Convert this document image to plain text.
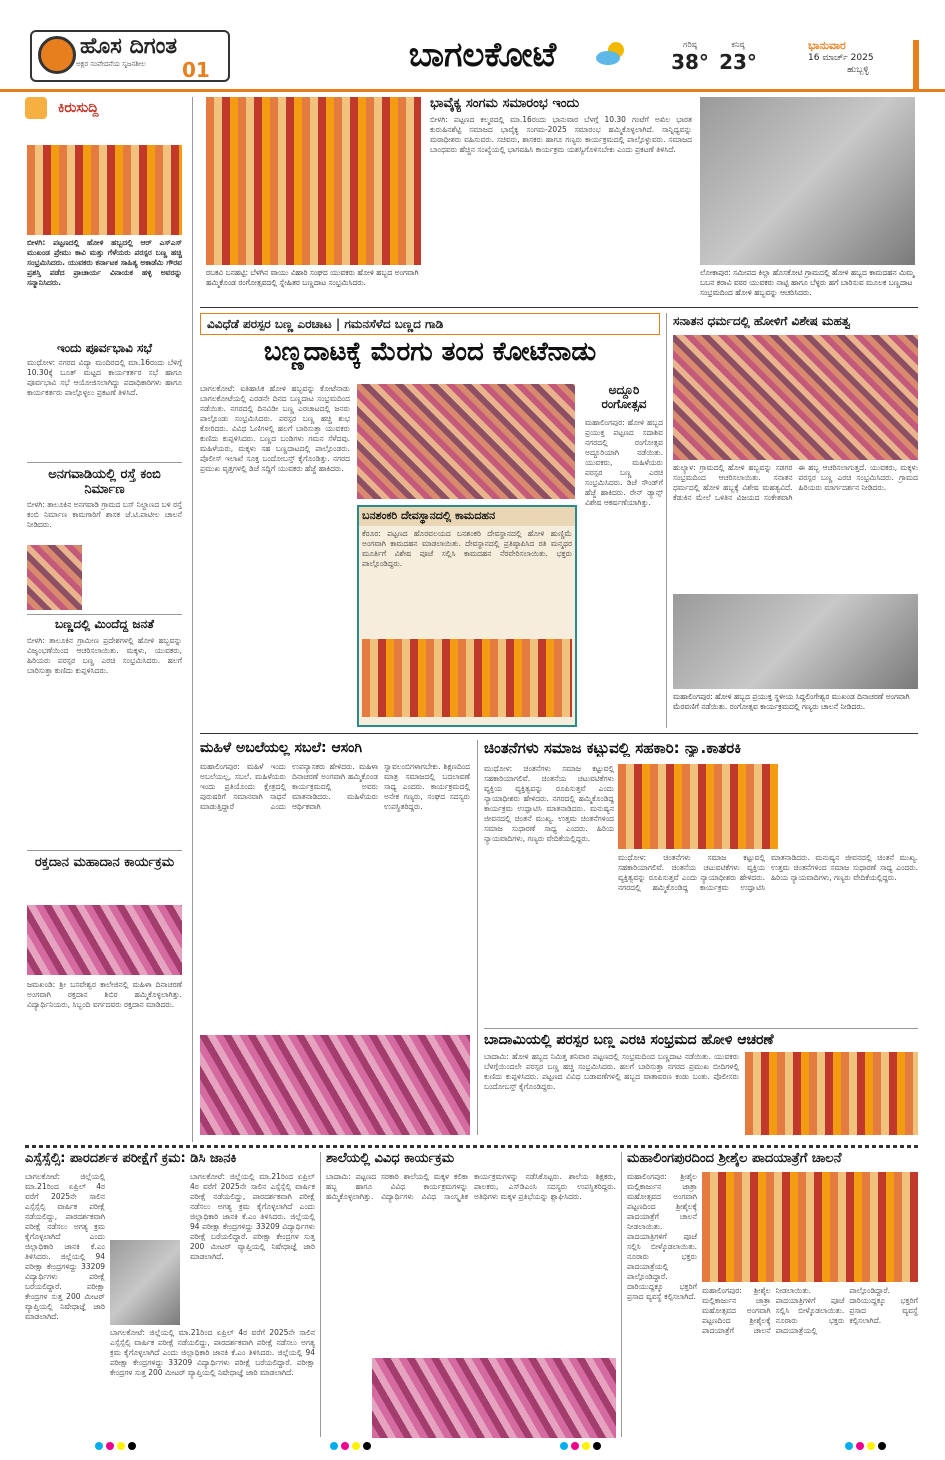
ಹೊಸ ದಿಗಂತ
ಅಕ್ಷರ ಸಂವೇದನೆಯ ಸೃಜನಶೀಲ 01	ಬಾಗಲಕೋಟೆ	ಗರಿಷ್ಠ
38°
ಕನಿಷ್ಠ
23°
ಭಾನುವಾರ
16 ಮಾರ್ಚ್ 2025
ಹುಬ್ಬಳ್ಳಿ
ಕಿರುಸುದ್ದಿ
ಬೀಳಗಿ: ಪಟ್ಟಣದಲ್ಲಿ ಹೋಳಿ ಹಬ್ಬದಲ್ಲಿ ಆರ್ ಎಸ್‌ಎಸ್ ಮುಖಂಡ ಪ್ರೇಮು ಕಾವಿ ಮತ್ತು ಗೆಳೆಯರು ಪರಸ್ಪರ ಬಣ್ಣ ಹಚ್ಚಿ ಸಂಭ್ರಮಿಸಿದರು. ಯುವಕರು ಕರ್ನಾಟಕ ಸಾಹಿತ್ಯ ಅಕಾಡೆಮಿ ಗೌರವ ಪ್ರಶಸ್ತಿ ಪಡೆದ ಪ್ರಾಚಾರ್ಯ ವಿನಾಯಕ ಹಳ್ಳಿ ಅವರನ್ನು ಸನ್ಮಾನಿಸಿದರು.
ಇಂದು ಪೂರ್ವಭಾವಿ ಸಭೆ
ಮುಧೋಳ: ನಗರದ ವಿದ್ಯಾ ಮಂದಿರದಲ್ಲಿ ಮಾ.16ರಂದು ಬೆಳಿಗ್ಗೆ 10.30ಕ್ಕೆ ಬೂತ್ ಮಟ್ಟದ ಕಾರ್ಯಕರ್ತರ ಸಭೆ ಹಾಗೂ ಪೂರ್ವಭಾವಿ ಸಭೆ ಆಯೋಜಿಸಲಾಗಿದ್ದು ಪದಾಧಿಕಾರಿಗಳು ಹಾಗೂ ಕಾರ್ಯಕರ್ತರು ಪಾಲ್ಗೊಳ್ಳಲು ಪ್ರಕಟಣೆ ತಿಳಿಸಿದೆ.
ಅನಗವಾಡಿಯಲ್ಲಿ ರಸ್ತೆ ಕಂಬಿ ನಿರ್ಮಾಣ
ಬೀಳಗಿ: ತಾಲೂಕಿನ ಅನಗವಾಡಿ ಗ್ರಾಮದ ಬಸ್ ನಿಲ್ದಾಣದ ಬಳಿ ರಸ್ತೆ ಕಂಬಿ ನಿರ್ಮಾಣ ಕಾಮಗಾರಿಗೆ ಶಾಸಕ ಜೆ.ಟಿ.ಪಾಟೀಲ ಚಾಲನೆ ನೀಡಿದರು.
ಬಣ್ಣದಲ್ಲಿ ಮಿಂದೆದ್ದ ಜನತೆ
ಬೀಳಗಿ: ತಾಲೂಕಿನ ಗ್ರಾಮೀಣ ಪ್ರದೇಶಗಳಲ್ಲಿ ಹೋಳಿ ಹಬ್ಬವನ್ನು ವಿಜೃಂಭಣೆಯಿಂದ ಆಚರಿಸಲಾಯಿತು. ಮಕ್ಕಳು, ಯುವಕರು, ಹಿರಿಯರು ಪರಸ್ಪರ ಬಣ್ಣ ಎರಚಿ ಸಂಭ್ರಮಿಸಿದರು. ಹಲಗೆ ಬಾರಿಸುತ್ತಾ ಕುಣಿದು ಕುಪ್ಪಳಿಸಿದರು.
ರಕ್ತದಾನ ಮಹಾದಾನ ಕಾರ್ಯಕ್ರಮ
ಜಮಖಂಡಿ: ಶ್ರೀ ಬಸವೇಶ್ವರ ಕಾಲೇಜಿನಲ್ಲಿ ಮಹಿಳಾ ದಿನಾಚರಣೆ ಅಂಗವಾಗಿ ರಕ್ತದಾನ ಶಿಬಿರ ಹಮ್ಮಿಕೊಳ್ಳಲಾಗಿತ್ತು. ವಿದ್ಯಾರ್ಥಿನಿಯರು, ಸಿಬ್ಬಂದಿ ವರ್ಗದವರು ರಕ್ತದಾನ ಮಾಡಿದರು.
ರಬಕವಿ ಬನಹಟ್ಟಿ: ಬೆಳಗಿನ ವಾಯು ವಿಹಾರಿ ಸಂಘದ ಯುವಕರು ಹೋಳಿ ಹಬ್ಬದ ಅಂಗವಾಗಿ ಹಮ್ಮಿಕೊಂಡ ರಂಗೋತ್ಸವದಲ್ಲಿ ಸ್ನೇಹಿತರ ಬಣ್ಣದಾಟ ಸಂಭ್ರಮಿಸಿದರು.
ಭಾವೈಕ್ಯ ಸಂಗಮ ಸಮಾರಂಭ ಇಂದು
ಬೀಳಗಿ: ಪಟ್ಟಣದ ಕಲ್ಮಠದಲ್ಲಿ ಮಾ.16ರಂದು ಭಾನುವಾರ ಬೆಳಗ್ಗೆ 10.30 ಗಂಟೆಗೆ ಅಖಿಲ ಭಾರತ ಕುರುಹಿನಶೆಟ್ಟಿ ಸಮಾಜದ ಭಾವೈಕ್ಯ ಸಂಗಮ-2025 ಸಮಾರಂಭ ಹಮ್ಮಿಕೊಳ್ಳಲಾಗಿದೆ. ಸಾನ್ನಿಧ್ಯವನ್ನು ಮಠಾಧೀಶರು ವಹಿಸುವರು. ಸಚಿವರು, ಶಾಸಕರು ಹಾಗೂ ಗಣ್ಯರು ಕಾರ್ಯಕ್ರಮದಲ್ಲಿ ಪಾಲ್ಗೊಳ್ಳುವರು. ಸಮಾಜದ ಬಾಂಧವರು ಹೆಚ್ಚಿನ ಸಂಖ್ಯೆಯಲ್ಲಿ ಭಾಗವಹಿಸಿ ಕಾರ್ಯಕ್ರಮ ಯಶಸ್ವಿಗೊಳಿಸಬೇಕು ಎಂದು ಪ್ರಕಟಣೆ ತಿಳಿಸಿದೆ.
ಲೋಕಾಪುರ: ಸಮೀಪದ ಕಿಲ್ಲಾ ಹೊಸಕೋಟಿ ಗ್ರಾಮದಲ್ಲಿ ಹೋಳಿ ಹಬ್ಬದ ಕಾಮದಹನ ಮಿಮ್ಮ ಬಬನ ಕರಾವಿ ವಠರ ಯುವಕರು ನಾಟ್ಟಿ ಹಾಗೂ ಬೆಳ್ಳರು ಹಗೆ ಬಾರಿಸುವ ಮೂಲಕ ಬಣ್ಣದಾಟ ಸಂಭ್ರಮದಿಂದ ಹೋಳಿ ಹಬ್ಬವನ್ನು ಆಚರಿಸಿದರು.
ವಿವಿಧೆಡೆ ಪರಸ್ಪರ ಬಣ್ಣ ಎರಚಾಟ | ಗಮನಸೆಳೆದ ಬಣ್ಣದ ಗಾಡಿ
ಬಣ್ಣದಾಟಕ್ಕೆ ಮೆರಗು ತಂದ ಕೋಟೆನಾಡು
ಬಾಗಲಕೋಟೆ: ಐತಿಹಾಸಿಕ ಹೋಳಿ ಹಬ್ಬವನ್ನು ಕೋಟೆನಾಡು ಬಾಗಲಕೋಟೆಯಲ್ಲಿ ಎರಡನೇ ದಿನದ ಬಣ್ಣದಾಟ ಸಂಭ್ರಮದಿಂದ ನಡೆಯಿತು. ನಗರದಲ್ಲಿ ದಿನವಿಡೀ ಬಣ್ಣ ಎರಚಾಟದಲ್ಲಿ ಜನರು ಪಾಲ್ಗೊಂಡು ಸಂಭ್ರಮಿಸಿದರು. ಪರಸ್ಪರ ಬಣ್ಣ ಹಚ್ಚಿ ಶುಭ ಕೋರಿದರು. ವಿವಿಧ ಓಣಿಗಳಲ್ಲಿ ಹಲಗೆ ಬಾರಿಸುತ್ತಾ ಯುವಕರು ಕುಣಿದು ಕುಪ್ಪಳಿಸಿದರು. ಬಣ್ಣದ ಬಂಡಿಗಳು ಗಮನ ಸೆಳೆದವು. ಮಹಿಳೆಯರು, ಮಕ್ಕಳು ಸಹ ಬಣ್ಣದಾಟದಲ್ಲಿ ಪಾಲ್ಗೊಂಡರು. ಪೊಲೀಸ್ ಇಲಾಖೆ ಸೂಕ್ತ ಬಂದೋಬಸ್ತ್ ಕೈಗೊಂಡಿತ್ತು. ನಗರದ ಪ್ರಮುಖ ವೃತ್ತಗಳಲ್ಲಿ ಡಿಜೆ ಸದ್ದಿಗೆ ಯುವಕರು ಹೆಜ್ಜೆ ಹಾಕಿದರು.
ಅದ್ದೂರಿ ರಂಗೋತ್ಸವ
ಮಹಾಲಿಂಗಪುರ: ಹೋಳಿ ಹಬ್ಬದ ಪ್ರಯುಕ್ತ ಪಟ್ಟಣದ ಸದಾಶಿವ ನಗರದಲ್ಲಿ ರಂಗೋತ್ಸವ ಅದ್ದೂರಿಯಾಗಿ ನಡೆಯಿತು. ಯುವಕರು, ಮಹಿಳೆಯರು ಪರಸ್ಪರ ಬಣ್ಣ ಎರಚಿ ಸಂಭ್ರಮಿಸಿದರು. ಡಿಜೆ ಸೌಂಡ್‌ಗೆ ಹೆಜ್ಜೆ ಹಾಕಿದರು. ರೇನ್ ಡ್ಯಾನ್ಸ್ ವಿಶೇಷ ಆಕರ್ಷಣೆಯಾಗಿತ್ತು.
ಬನಶಂಕರಿ ದೇವಸ್ಥಾನದಲ್ಲಿ ಕಾಮದಹನ
ಕೆರೂರ: ಪಟ್ಟಣದ ಹೊರವಲಯದ ಬನಶಂಕರಿ ದೇವಸ್ಥಾನದಲ್ಲಿ ಹೋಳಿ ಹುಣ್ಣಿಮೆ ಅಂಗವಾಗಿ ಕಾಮದಹನ ಮಾಡಲಾಯಿತು. ದೇವಸ್ಥಾನದಲ್ಲಿ ಪ್ರತಿಷ್ಠಾಪಿಸಿದ ರತಿ ಮನ್ಮಥರ ಮೂರ್ತಿಗೆ ವಿಶೇಷ ಪೂಜೆ ಸಲ್ಲಿಸಿ ಕಾಮದಹನ ನೆರವೇರಿಸಲಾಯಿತು. ಭಕ್ತರು ಪಾಲ್ಗೊಂಡಿದ್ದರು.
ಸನಾತನ ಧರ್ಮದಲ್ಲಿ ಹೋಳಿಗೆ ವಿಶೇಷ ಮಹತ್ವ
ಹುಲ್ಯಾಳ: ಗ್ರಾಮದಲ್ಲಿ ಹೋಳಿ ಹಬ್ಬವನ್ನು ಸಡಗರ ಸಂಭ್ರಮದಿಂದ ಆಚರಿಸಲಾಯಿತು. ಸನಾತನ ಧರ್ಮದಲ್ಲಿ ಹೋಳಿ ಹಬ್ಬಕ್ಕೆ ವಿಶೇಷ ಮಹತ್ವವಿದೆ. ಕೆಡುಕಿನ ಮೇಲೆ ಒಳಿತಿನ ವಿಜಯದ ಸಂಕೇತವಾಗಿ ಈ ಹಬ್ಬ ಆಚರಿಸಲಾಗುತ್ತದೆ. ಯುವಕರು, ಮಕ್ಕಳು ಪರಸ್ಪರ ಬಣ್ಣ ಎರಚಿ ಸಂಭ್ರಮಿಸಿದರು. ಗ್ರಾಮದ ಹಿರಿಯರು ಮಾರ್ಗದರ್ಶನ ನೀಡಿದರು.
ಮಹಾಲಿಂಗಪುರ: ಹೋಳಿ ಹಬ್ಬದ ಪ್ರಯುಕ್ತ ಸ್ಥಳೀಯ ಸಿದ್ದಲಿಂಗೇಶ್ವರ ಮುಖಂಡ ದಿನಾಚರಣೆ ಅಂಗವಾಗಿ ಮೆರವಣಿಗೆ ನಡೆಯಿತು. ರಂಗೋತ್ಸವ ಕಾರ್ಯಕ್ರಮದಲ್ಲಿ ಗಣ್ಯರು ಚಾಲನೆ ನೀಡಿದರು.
ಮಹಿಳೆ ಅಬಲೆಯಲ್ಲ ಸಬಲೆ: ಆಸಂಗಿ
ಮಹಾಲಿಂಗಪುರ: ಮಹಿಳೆ ಇಂದು ಅಬಲೆಯಲ್ಲ, ಸಬಲೆ. ಮಹಿಳೆಯರು ಇಂದು ಪ್ರತಿಯೊಂದು ಕ್ಷೇತ್ರದಲ್ಲಿ ಪುರುಷರಿಗೆ ಸಮಾನವಾಗಿ ಸಾಧನೆ ಮಾಡುತ್ತಿದ್ದಾರೆ ಎಂದು ಉಪನ್ಯಾಸಕರು ಹೇಳಿದರು. ಮಹಿಳಾ ದಿನಾಚರಣೆ ಅಂಗವಾಗಿ ಹಮ್ಮಿಕೊಂಡ ಕಾರ್ಯಕ್ರಮದಲ್ಲಿ ಅವರು ಮಾತನಾಡಿದರು. ಮಹಿಳೆಯರು ಆರ್ಥಿಕವಾಗಿ ಸ್ವಾವಲಂಬಿಗಳಾಗಬೇಕು. ಶಿಕ್ಷಣದಿಂದ ಮಾತ್ರ ಸಮಾಜದಲ್ಲಿ ಬದಲಾವಣೆ ಸಾಧ್ಯ ಎಂದರು. ಕಾರ್ಯಕ್ರಮದಲ್ಲಿ ಅನೇಕ ಗಣ್ಯರು, ಸಂಘದ ಸದಸ್ಯರು ಉಪಸ್ಥಿತರಿದ್ದರು.
ಚಿಂತನೆಗಳು ಸಮಾಜ ಕಟ್ಟುವಲ್ಲಿ ಸಹಕಾರಿ: ನ್ಯಾ.ಕಾತರಕಿ
ಮುಧೋಳ: ಚಿಂತನೆಗಳು ಸಮಾಜ ಕಟ್ಟುವಲ್ಲಿ ಸಹಕಾರಿಯಾಗಲಿವೆ. ಚಿಂತನೆಯ ಚಟುವಟಿಕೆಗಳು ವ್ಯಕ್ತಿಯ ವ್ಯಕ್ತಿತ್ವವನ್ನು ರೂಪಿಸುತ್ತವೆ ಎಂದು ನ್ಯಾಯಾಧೀಶರು ಹೇಳಿದರು. ನಗರದಲ್ಲಿ ಹಮ್ಮಿಕೊಂಡಿದ್ದ ಕಾರ್ಯಕ್ರಮ ಉದ್ಘಾಟಿಸಿ ಮಾತನಾಡಿದರು. ಮನುಷ್ಯನ ಜೀವನದಲ್ಲಿ ಚಿಂತನೆ ಮುಖ್ಯ. ಉತ್ತಮ ಚಿಂತನೆಗಳಿಂದ ಸಮಾಜ ಸುಧಾರಣೆ ಸಾಧ್ಯ ಎಂದರು. ಹಿರಿಯ ನ್ಯಾಯವಾದಿಗಳು, ಗಣ್ಯರು ವೇದಿಕೆಯಲ್ಲಿದ್ದರು.
ಮುಧೋಳ: ಚಿಂತನೆಗಳು ಸಮಾಜ ಕಟ್ಟುವಲ್ಲಿ ಸಹಕಾರಿಯಾಗಲಿವೆ. ಚಿಂತನೆಯ ಚಟುವಟಿಕೆಗಳು ವ್ಯಕ್ತಿಯ ವ್ಯಕ್ತಿತ್ವವನ್ನು ರೂಪಿಸುತ್ತವೆ ಎಂದು ನ್ಯಾಯಾಧೀಶರು ಹೇಳಿದರು. ನಗರದಲ್ಲಿ ಹಮ್ಮಿಕೊಂಡಿದ್ದ ಕಾರ್ಯಕ್ರಮ ಉದ್ಘಾಟಿಸಿ ಮಾತನಾಡಿದರು. ಮನುಷ್ಯನ ಜೀವನದಲ್ಲಿ ಚಿಂತನೆ ಮುಖ್ಯ. ಉತ್ತಮ ಚಿಂತನೆಗಳಿಂದ ಸಮಾಜ ಸುಧಾರಣೆ ಸಾಧ್ಯ ಎಂದರು. ಹಿರಿಯ ನ್ಯಾಯವಾದಿಗಳು, ಗಣ್ಯರು ವೇದಿಕೆಯಲ್ಲಿದ್ದರು.
ಬಾದಾಮಿಯಲ್ಲಿ ಪರಸ್ಪರ ಬಣ್ಣ ಎರಚಿ ಸಂಭ್ರಮದ ಹೋಳಿ ಆಚರಣೆ
ಬಾದಾಮಿ: ಹೋಳಿ ಹಬ್ಬದ ನಿಮಿತ್ತ ಶನಿವಾರ ಪಟ್ಟಣದಲ್ಲಿ ಸಂಭ್ರಮದಿಂದ ಬಣ್ಣದಾಟ ನಡೆಯಿತು. ಯುವಕರು ಬೆಳಗ್ಗೆಯಿಂದಲೇ ಪರಸ್ಪರ ಬಣ್ಣ ಹಚ್ಚಿ ಸಂಭ್ರಮಿಸಿದರು. ಹಲಗೆ ಬಾರಿಸುತ್ತಾ ನಗರದ ಪ್ರಮುಖ ಬೀದಿಗಳಲ್ಲಿ ಕುಣಿದು ಕುಪ್ಪಳಿಸಿದರು. ಪಟ್ಟಣದ ವಿವಿಧ ಬಡಾವಣೆಗಳಲ್ಲಿ ಹಬ್ಬದ ವಾತಾವರಣ ಕಂಡು ಬಂತು. ಪೊಲೀಸರು ಬಂದೋಬಸ್ತ್ ಕೈಗೊಂಡಿದ್ದರು.
ಎಸ್ಸೆಸ್ಸೆಲ್ಸಿ: ಪಾರದರ್ಶಕ ಪರೀಕ್ಷೆಗೆ ಕ್ರಮ: ಡಿಸಿ ಜಾನಕಿ
ಬಾಗಲಕೋಟೆ: ಜಿಲ್ಲೆಯಲ್ಲಿ ಮಾ.21ರಿಂದ ಏಪ್ರಿಲ್ 4ರ ವರೆಗೆ 2025ನೇ ಸಾಲಿನ ಎಸ್ಸೆಸ್ಸೆಲ್ಸಿ ವಾರ್ಷಿಕ ಪರೀಕ್ಷೆ ನಡೆಯಲಿದ್ದು, ಪಾರದರ್ಶಕವಾಗಿ ಪರೀಕ್ಷೆ ನಡೆಸಲು ಅಗತ್ಯ ಕ್ರಮ ಕೈಗೊಳ್ಳಲಾಗಿದೆ ಎಂದು ಜಿಲ್ಲಾಧಿಕಾರಿ ಜಾನಕಿ ಕೆ.ಎಂ ತಿಳಿಸಿದರು. ಜಿಲ್ಲೆಯಲ್ಲಿ 94 ಪರೀಕ್ಷಾ ಕೇಂದ್ರಗಳಿದ್ದು 33209 ವಿದ್ಯಾರ್ಥಿಗಳು ಪರೀಕ್ಷೆ ಬರೆಯಲಿದ್ದಾರೆ. ಪರೀಕ್ಷಾ ಕೇಂದ್ರಗಳ ಸುತ್ತ 200 ಮೀಟರ್ ವ್ಯಾಪ್ತಿಯಲ್ಲಿ ನಿಷೇಧಾಜ್ಞೆ ಜಾರಿ ಮಾಡಲಾಗಿದೆ.
ಬಾಗಲಕೋಟೆ: ಜಿಲ್ಲೆಯಲ್ಲಿ ಮಾ.21ರಿಂದ ಏಪ್ರಿಲ್ 4ರ ವರೆಗೆ 2025ನೇ ಸಾಲಿನ ಎಸ್ಸೆಸ್ಸೆಲ್ಸಿ ವಾರ್ಷಿಕ ಪರೀಕ್ಷೆ ನಡೆಯಲಿದ್ದು, ಪಾರದರ್ಶಕವಾಗಿ ಪರೀಕ್ಷೆ ನಡೆಸಲು ಅಗತ್ಯ ಕ್ರಮ ಕೈಗೊಳ್ಳಲಾಗಿದೆ ಎಂದು ಜಿಲ್ಲಾಧಿಕಾರಿ ಜಾನಕಿ ಕೆ.ಎಂ ತಿಳಿಸಿದರು. ಜಿಲ್ಲೆಯಲ್ಲಿ 94 ಪರೀಕ್ಷಾ ಕೇಂದ್ರಗಳಿದ್ದು 33209 ವಿದ್ಯಾರ್ಥಿಗಳು ಪರೀಕ್ಷೆ ಬರೆಯಲಿದ್ದಾರೆ. ಪರೀಕ್ಷಾ ಕೇಂದ್ರಗಳ ಸುತ್ತ 200 ಮೀಟರ್ ವ್ಯಾಪ್ತಿಯಲ್ಲಿ ನಿಷೇಧಾಜ್ಞೆ ಜಾರಿ ಮಾಡಲಾಗಿದೆ.
ಬಾಗಲಕೋಟೆ: ಜಿಲ್ಲೆಯಲ್ಲಿ ಮಾ.21ರಿಂದ ಏಪ್ರಿಲ್ 4ರ ವರೆಗೆ 2025ನೇ ಸಾಲಿನ ಎಸ್ಸೆಸ್ಸೆಲ್ಸಿ ವಾರ್ಷಿಕ ಪರೀಕ್ಷೆ ನಡೆಯಲಿದ್ದು, ಪಾರದರ್ಶಕವಾಗಿ ಪರೀಕ್ಷೆ ನಡೆಸಲು ಅಗತ್ಯ ಕ್ರಮ ಕೈಗೊಳ್ಳಲಾಗಿದೆ ಎಂದು ಜಿಲ್ಲಾಧಿಕಾರಿ ಜಾನಕಿ ಕೆ.ಎಂ ತಿಳಿಸಿದರು. ಜಿಲ್ಲೆಯಲ್ಲಿ 94 ಪರೀಕ್ಷಾ ಕೇಂದ್ರಗಳಿದ್ದು 33209 ವಿದ್ಯಾರ್ಥಿಗಳು ಪರೀಕ್ಷೆ ಬರೆಯಲಿದ್ದಾರೆ. ಪರೀಕ್ಷಾ ಕೇಂದ್ರಗಳ ಸುತ್ತ 200 ಮೀಟರ್ ವ್ಯಾಪ್ತಿಯಲ್ಲಿ ನಿಷೇಧಾಜ್ಞೆ ಜಾರಿ ಮಾಡಲಾಗಿದೆ.
ಶಾಲೆಯಲ್ಲಿ ವಿವಿಧ ಕಾರ್ಯಕ್ರಮ
ಬಾದಾಮಿ: ಪಟ್ಟಣದ ಸರಕಾರಿ ಶಾಲೆಯಲ್ಲಿ ಮಕ್ಕಳ ಕಲಿಕಾ ಹಬ್ಬ ಹಾಗೂ ವಿವಿಧ ಕಾರ್ಯಕ್ರಮಗಳನ್ನು ಹಮ್ಮಿಕೊಳ್ಳಲಾಗಿತ್ತು. ವಿದ್ಯಾರ್ಥಿಗಳು ವಿವಿಧ ಸಾಂಸ್ಕೃತಿಕ ಕಾರ್ಯಕ್ರಮಗಳನ್ನು ನಡೆಸಿಕೊಟ್ಟರು. ಶಾಲೆಯ ಶಿಕ್ಷಕರು, ಪಾಲಕರು, ಎಸ್‌ಡಿಎಂಸಿ ಸದಸ್ಯರು ಉಪಸ್ಥಿತರಿದ್ದರು. ಅತಿಥಿಗಳು ಮಕ್ಕಳ ಪ್ರತಿಭೆಯನ್ನು ಶ್ಲಾಘಿಸಿದರು.
ಮಹಾಲಿಂಗಪುರದಿಂದ ಶ್ರೀಶೈಲ ಪಾದಯಾತ್ರೆಗೆ ಚಾಲನೆ
ಮಹಾಲಿಂಗಪುರ: ಶ್ರೀಶೈಲ ಮಲ್ಲಿಕಾರ್ಜುನ ಜಾತ್ರಾ ಮಹೋತ್ಸವದ ಅಂಗವಾಗಿ ಪಟ್ಟಣದಿಂದ ಶ್ರೀಶೈಲಕ್ಕೆ ಪಾದಯಾತ್ರೆಗೆ ಚಾಲನೆ ನೀಡಲಾಯಿತು. ಪಾದಯಾತ್ರಿಗಳಿಗೆ ಪೂಜೆ ಸಲ್ಲಿಸಿ ಬೀಳ್ಕೊಡಲಾಯಿತು. ನೂರಾರು ಭಕ್ತರು ಪಾದಯಾತ್ರೆಯಲ್ಲಿ ಪಾಲ್ಗೊಂಡಿದ್ದಾರೆ. ದಾರಿಯುದ್ದಕ್ಕೂ ಭಕ್ತರಿಗೆ ಪ್ರಸಾದ ವ್ಯವಸ್ಥೆ ಕಲ್ಪಿಸಲಾಗಿದೆ.
ಮಹಾಲಿಂಗಪುರ: ಶ್ರೀಶೈಲ ಮಲ್ಲಿಕಾರ್ಜುನ ಜಾತ್ರಾ ಮಹೋತ್ಸವದ ಅಂಗವಾಗಿ ಪಟ್ಟಣದಿಂದ ಶ್ರೀಶೈಲಕ್ಕೆ ಪಾದಯಾತ್ರೆಗೆ ಚಾಲನೆ ನೀಡಲಾಯಿತು. ಪಾದಯಾತ್ರಿಗಳಿಗೆ ಪೂಜೆ ಸಲ್ಲಿಸಿ ಬೀಳ್ಕೊಡಲಾಯಿತು. ನೂರಾರು ಭಕ್ತರು ಪಾದಯಾತ್ರೆಯಲ್ಲಿ ಪಾಲ್ಗೊಂಡಿದ್ದಾರೆ. ದಾರಿಯುದ್ದಕ್ಕೂ ಭಕ್ತರಿಗೆ ಪ್ರಸಾದ ವ್ಯವಸ್ಥೆ ಕಲ್ಪಿಸಲಾಗಿದೆ.
